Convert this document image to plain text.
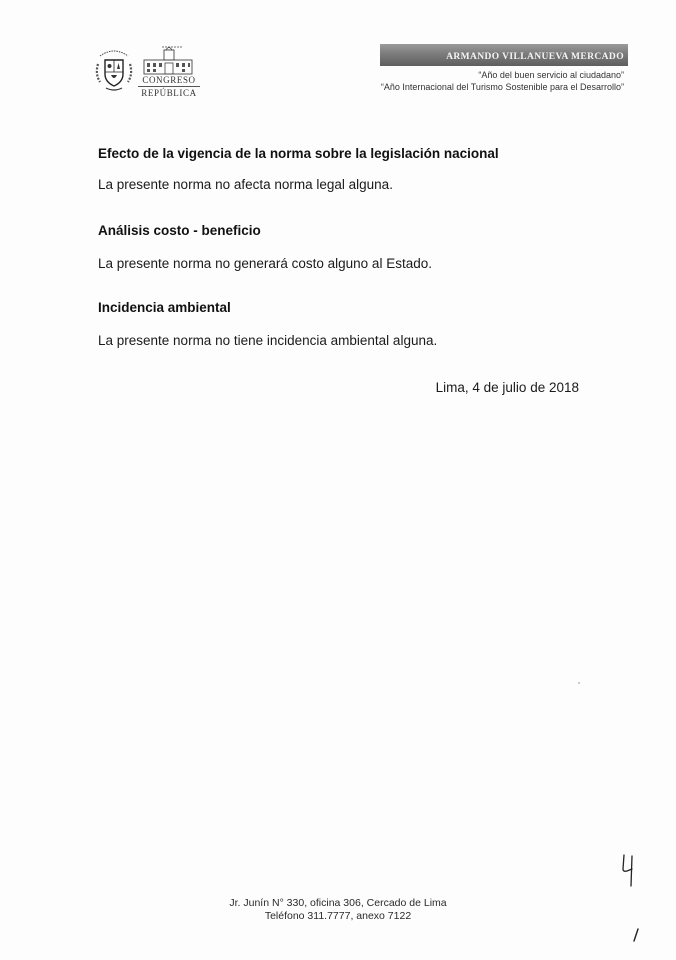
CONGRESO
REPÚBLICA
ARMANDO VILLANUEVA MERCADO
“Año del buen servicio al ciudadano”
“Año Internacional del Turismo Sostenible para el Desarrollo”
Efecto de la vigencia de la norma sobre la legislación nacional
La presente norma no afecta norma legal alguna.
Análisis costo - beneficio
La presente norma no generará costo alguno al Estado.
Incidencia ambiental
La presente norma no tiene incidencia ambiental alguna.
Lima, 4 de julio de 2018
Jr. Junín N° 330, oficina 306, Cercado de Lima
Teléfono 311.7777, anexo 7122
